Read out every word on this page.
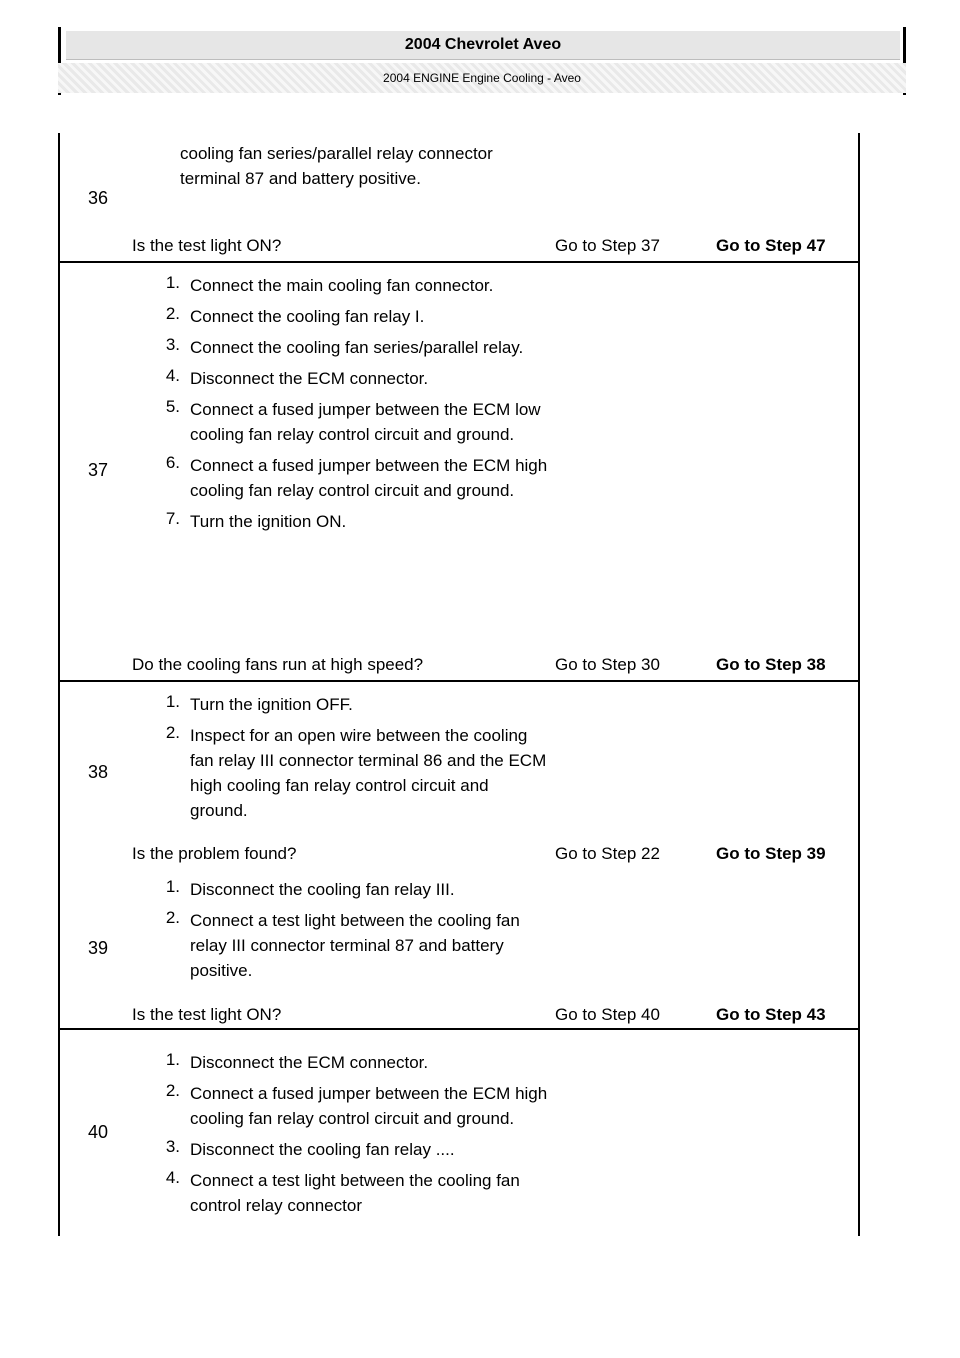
2004 Chevrolet Aveo
2004 ENGINE Engine Cooling - Aveo
36
cooling fan series/parallel relay connector terminal 87 and battery positive.
Is the test light ON?	Go to Step 37	Go to Step 47
37
1. Connect the main cooling fan connector.
2. Connect the cooling fan relay I.
3. Connect the cooling fan series/parallel relay.
4. Disconnect the ECM connector.
5. Connect a fused jumper between the ECM low cooling fan relay control circuit and ground.
6. Connect a fused jumper between the ECM high cooling fan relay control circuit and ground.
7. Turn the ignition ON.
Do the cooling fans run at high speed?	Go to Step 30	Go to Step 38
38
1. Turn the ignition OFF.
2. Inspect for an open wire between the cooling fan relay III connector terminal 86 and the ECM high cooling fan relay control circuit and ground.
Is the problem found?	Go to Step 22	Go to Step 39
39
1. Disconnect the cooling fan relay III.
2. Connect a test light between the cooling fan relay III connector terminal 87 and battery positive.
Is the test light ON?	Go to Step 40	Go to Step 43
40
1. Disconnect the ECM connector.
2. Connect a fused jumper between the ECM high cooling fan relay control circuit and ground.
3. Disconnect the cooling fan relay ....
4. Connect a test light between the cooling fan control relay connector
